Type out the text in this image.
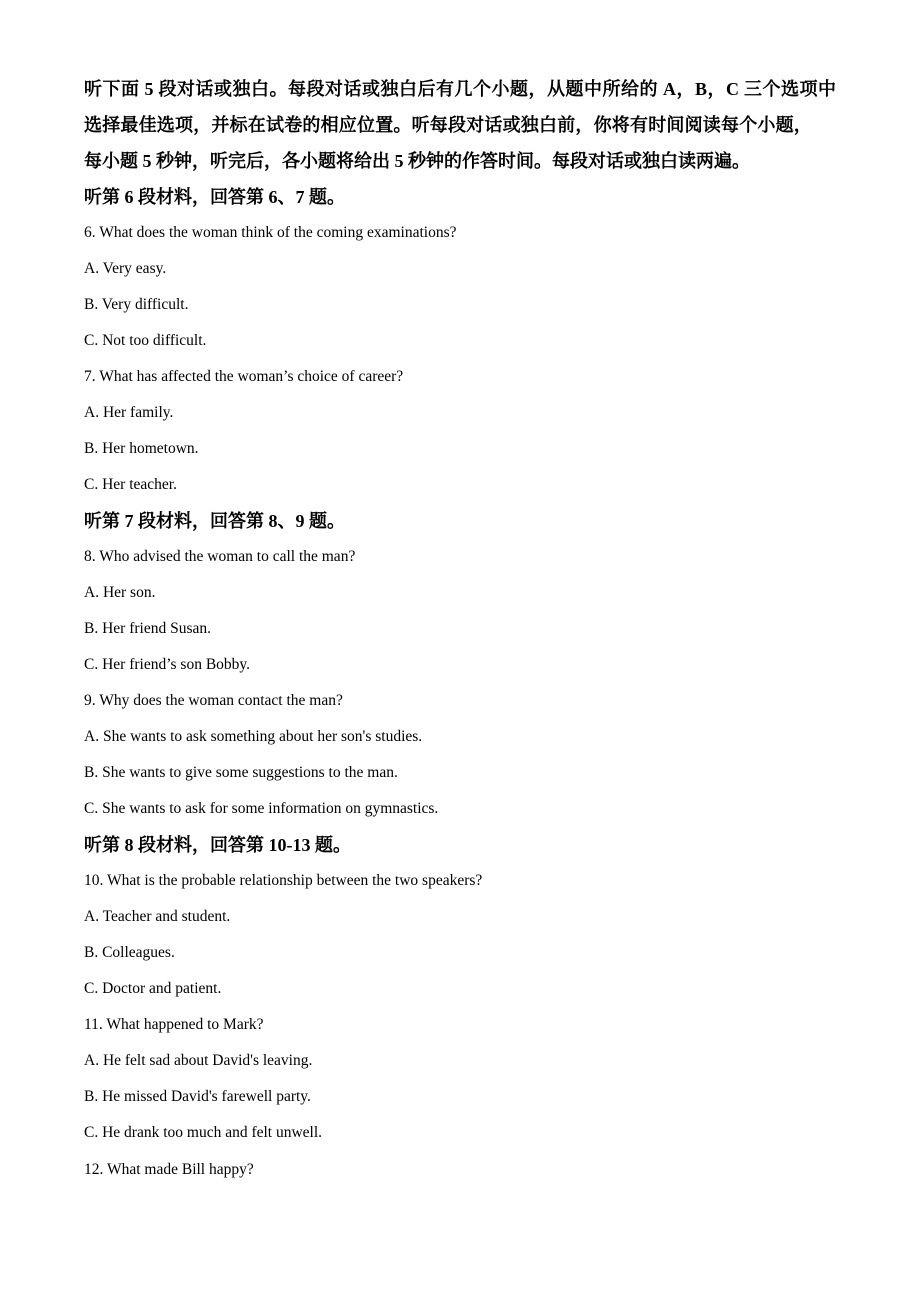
听下面 5 段对话或独白。每段对话或独白后有几个小题，从题中所给的 A，B，C 三个选项中
选择最佳选项，并标在试卷的相应位置。听每段对话或独白前，你将有时间阅读每个小题，
每小题 5 秒钟，听完后，各小题将给出 5 秒钟的作答时间。每段对话或独白读两遍。
听第 6 段材料，回答第 6、7 题。
6. What does the woman think of the coming examinations?
A. Very easy.
B. Very difficult.
C. Not too difficult.
7. What has affected the woman’s choice of career?
A. Her family.
B. Her hometown.
C. Her teacher.
听第 7 段材料，回答第 8、9 题。
8. Who advised the woman to call the man?
A. Her son.
B. Her friend Susan.
C. Her friend’s son Bobby.
9. Why does the woman contact the man?
A. She wants to ask something about her son's studies.
B. She wants to give some suggestions to the man.
C. She wants to ask for some information on gymnastics.
听第 8 段材料，回答第 10-13 题。
10. What is the probable relationship between the two speakers?
A. Teacher and student.
B. Colleagues.
C. Doctor and patient.
11. What happened to Mark?
A. He felt sad about David's leaving.
B. He missed David's farewell party.
C. He drank too much and felt unwell.
12. What made Bill happy?
